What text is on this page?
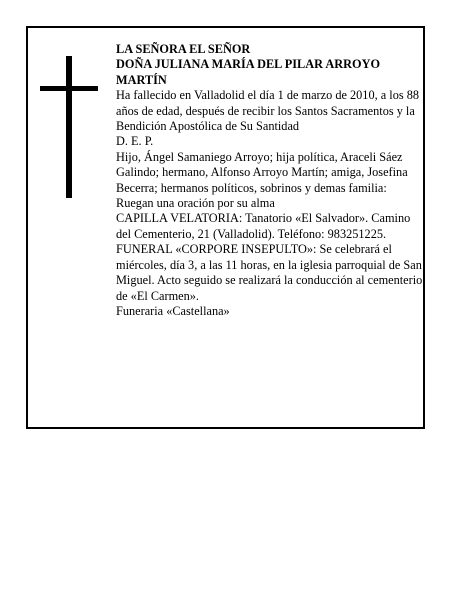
LA SEÑORA EL SEÑOR

DOÑA JULIANA MARÍA DEL PILAR ARROYO MARTÍN

Ha fallecido en Valladolid el día 1 de marzo de 2010, a los 88 años de edad, después de recibir los Santos Sacramentos y la Bendición Apostólica de Su Santidad

D. E. P.

Hijo, Ángel Samaniego Arroyo; hija política, Araceli Sáez Galindo; hermano, Alfonso Arroyo Martín; amiga, Josefina Becerra; hermanos políticos, sobrinos y demas familia:

Ruegan una oración por su alma

CAPILLA VELATORIA: Tanatorio «El Salvador». Camino del Cementerio, 21 (Valladolid). Teléfono: 983251225.

FUNERAL «CORPORE INSEPULTO»: Se celebrará el miércoles, día 3, a las 11 horas, en la iglesia parroquial de San Miguel. Acto seguido se realizará la conducción al cementerio de «El Carmen».

Funeraria «Castellana»
